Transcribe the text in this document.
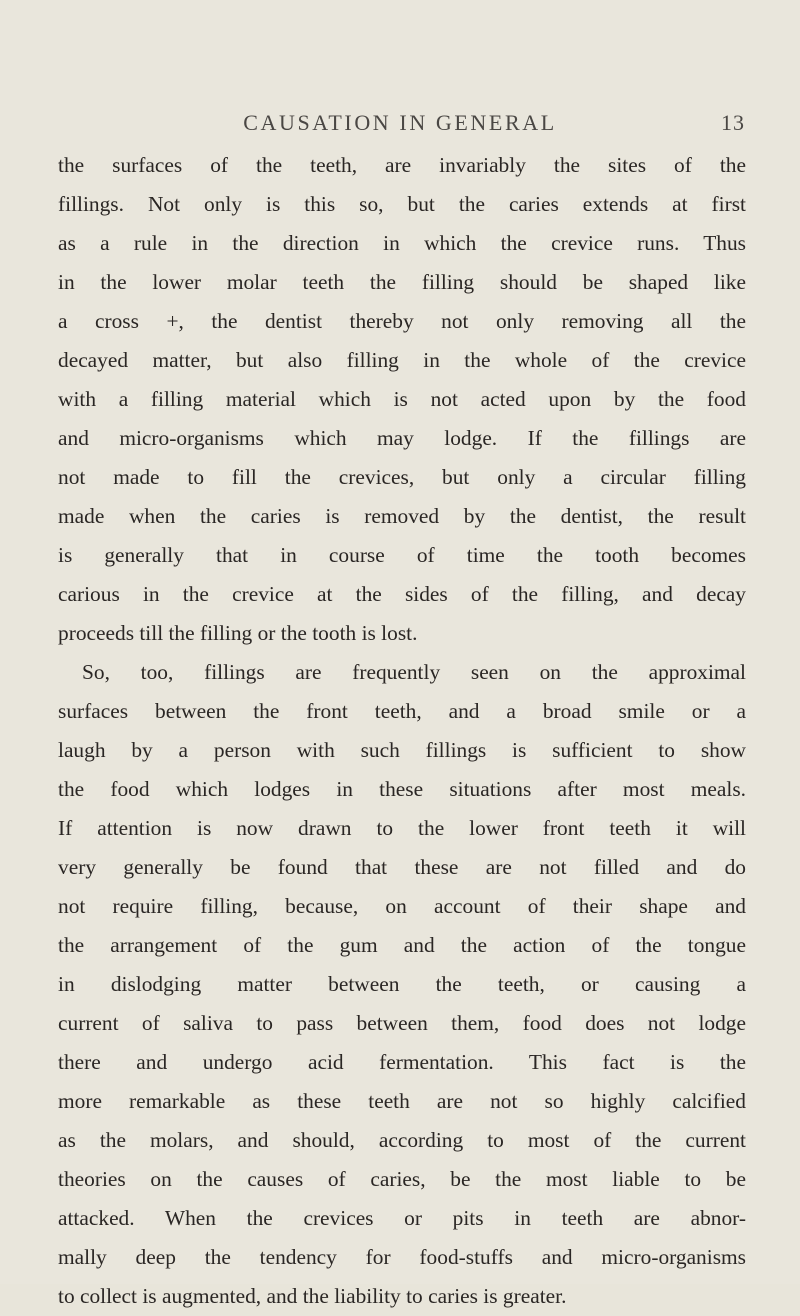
CAUSATION IN GENERAL	13
the surfaces of the teeth, are invariably the sites of the
fillings. Not only is this so, but the caries extends at first
as a rule in the direction in which the crevice runs. Thus
in the lower molar teeth the filling should be shaped like
a cross +, the dentist thereby not only removing all the
decayed matter, but also filling in the whole of the crevice
with a filling material which is not acted upon by the food
and micro-organisms which may lodge. If the fillings are
not made to fill the crevices, but only a circular filling
made when the caries is removed by the dentist, the result
is generally that in course of time the tooth becomes
carious in the crevice at the sides of the filling, and decay
proceeds till the filling or the tooth is lost.
So, too, fillings are frequently seen on the approximal
surfaces between the front teeth, and a broad smile or a
laugh by a person with such fillings is sufficient to show
the food which lodges in these situations after most meals.
If attention is now drawn to the lower front teeth it will
very generally be found that these are not filled and do
not require filling, because, on account of their shape and
the arrangement of the gum and the action of the tongue
in dislodging matter between the teeth, or causing a
current of saliva to pass between them, food does not lodge
there and undergo acid fermentation. This fact is the
more remarkable as these teeth are not so highly calcified
as the molars, and should, according to most of the current
theories on the causes of caries, be the most liable to be
attacked. When the crevices or pits in teeth are abnor-
mally deep the tendency for food-stuffs and micro-organisms
to collect is augmented, and the liability to caries is greater.
